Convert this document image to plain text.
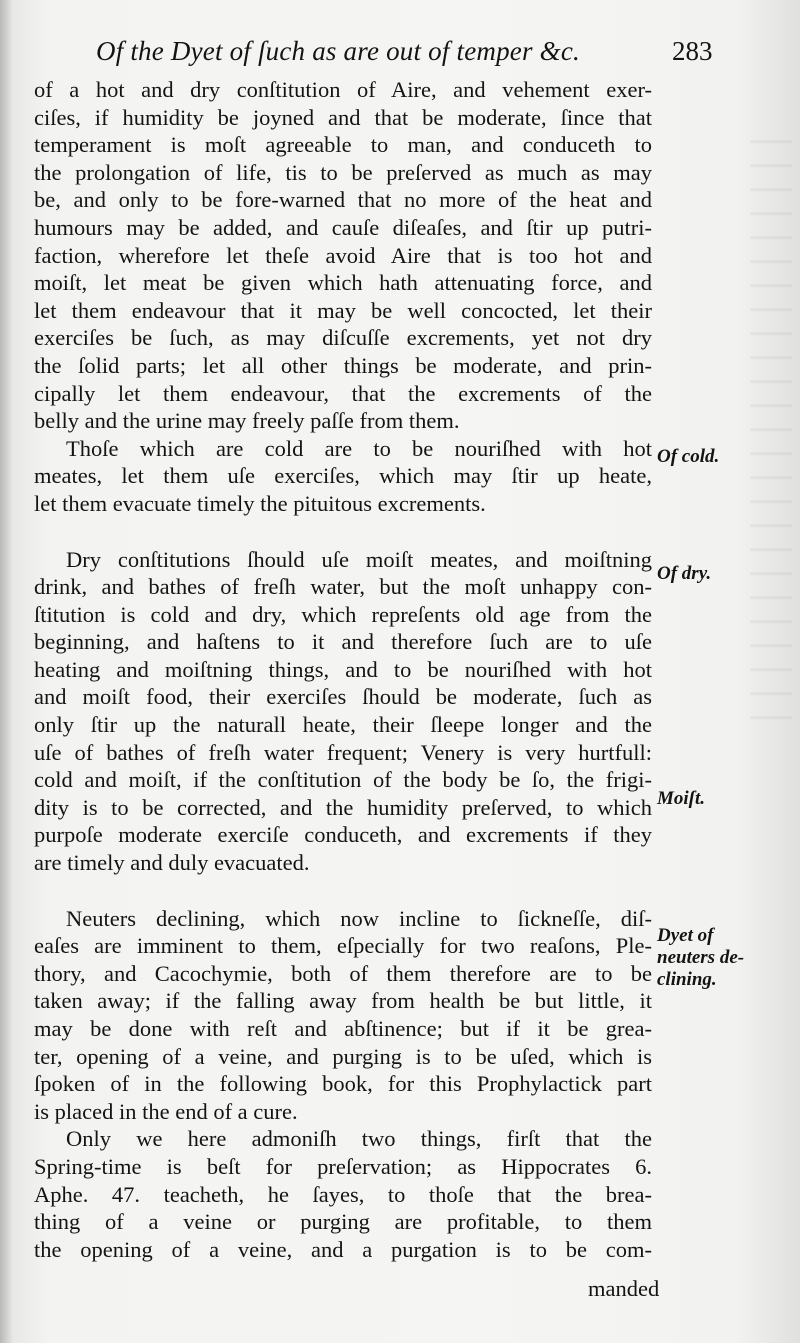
Of the Dyet of ſuch as are out of temper &c.	283
of a hot and dry conſtitution of Aire, and vehement exer-
ciſes, if humidity be joyned and that be moderate, ſince that
temperament is moſt agreeable to man, and conduceth to
the prolongation of life, tis to be preſerved as much as may
be, and only to be fore-warned that no more of the heat and
humours may be added, and cauſe diſeaſes, and ſtir up putri-
faction, wherefore let theſe avoid Aire that is too hot and
moiſt, let meat be given which hath attenuating force, and
let them endeavour that it may be well concocted, let their
exerciſes be ſuch, as may diſcuſſe excrements, yet not dry
the ſolid parts; let all other things be moderate, and prin-
cipally let them endeavour, that the excrements of the
belly and the urine may freely paſſe from them.
Thoſe which are cold are to be nouriſhed with hot
meates, let them uſe exerciſes, which may ſtir up heate,
let them evacuate timely the pituitous excrements.
Dry conſtitutions ſhould uſe moiſt meates, and moiſtning
drink, and bathes of freſh water, but the moſt unhappy con-
ſtitution is cold and dry, which repreſents old age from the
beginning, and haſtens to it and therefore ſuch are to uſe
heating and moiſtning things, and to be nouriſhed with hot
and moiſt food, their exerciſes ſhould be moderate, ſuch as
only ſtir up the naturall heate, their ſleepe longer and the
uſe of bathes of freſh water frequent; Venery is very hurtfull:
cold and moiſt, if the conſtitution of the body be ſo, the frigi-
dity is to be corrected, and the humidity preſerved, to which
purpoſe moderate exerciſe conduceth, and excrements if they
are timely and duly evacuated.
Neuters declining, which now incline to ſickneſſe, diſ-
eaſes are imminent to them, eſpecially for two reaſons, Ple-
thory, and Cacochymie, both of them therefore are to be
taken away; if the falling away from health be but little, it
may be done with reſt and abſtinence; but if it be grea-
ter, opening of a veine, and purging is to be uſed, which is
ſpoken of in the following book, for this Prophylactick part
is placed in the end of a cure.
Only we here admoniſh two things, firſt that the
Spring-time is beſt for preſervation; as Hippocrates 6.
Aphe. 47. teacheth, he ſayes, to thoſe that the brea-
thing of a veine or purging are profitable, to them
the opening of a veine, and a purgation is to be com-
Of cold.
Of dry.
Moiſt.
Dyet of
neuters de-
clining.
manded
